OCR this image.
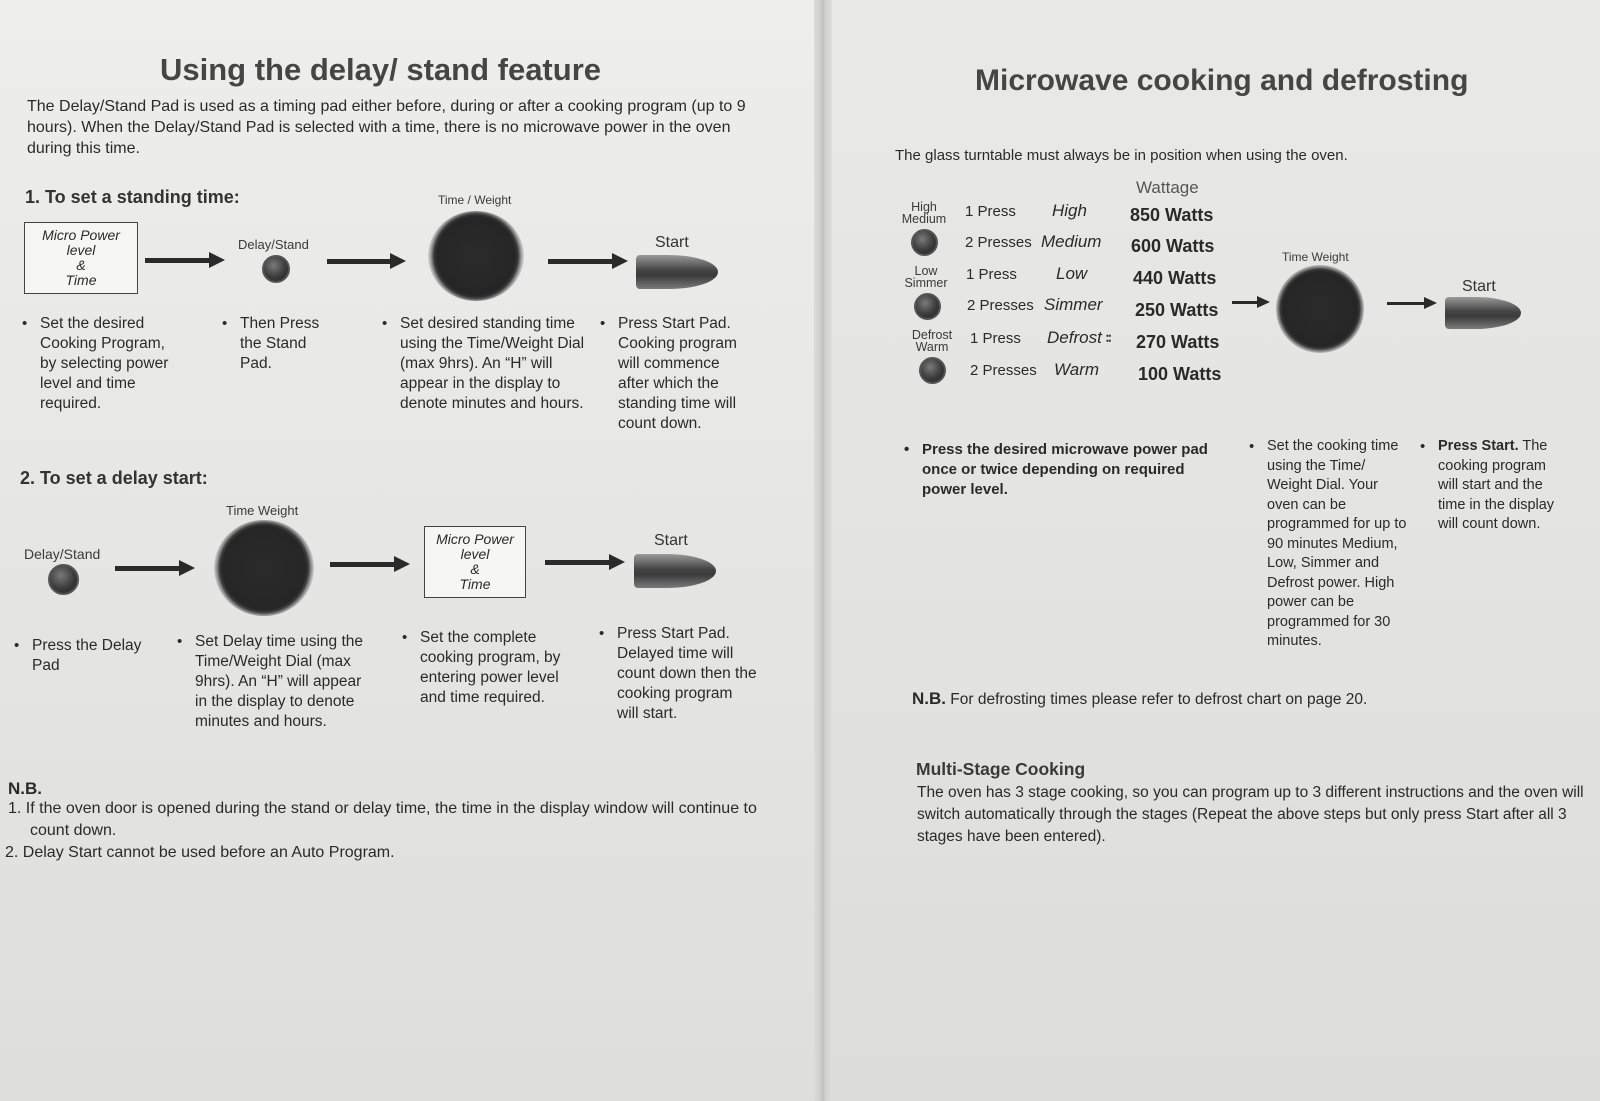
Using the delay/ stand feature
The Delay/Stand Pad is used as a timing pad either before, during or after a cooking program (up to 9 hours). When the Delay/Stand Pad is selected with a time, there is no microwave power in the oven during this time.
1. To set a standing time:
Micro Power
level
&
Time
Delay/Stand
Time / Weight
Start
• Set the desired Cooking Program, by selecting power level and time required.
• Then Press the Stand Pad.
• Set desired standing time using the Time/Weight Dial (max 9hrs). An “H” will appear in the display to denote minutes and hours.
• Press Start Pad. Cooking program will commence after which the standing time will count down.
2. To set a delay start:
Delay/Stand
Time Weight
Micro Power
level
&
Time
Start
• Press the Delay Pad
• Set Delay time using the Time/Weight Dial (max 9hrs). An “H” will appear in the display to denote minutes and hours.
• Set the complete cooking program, by entering power level and time required.
• Press Start Pad. Delayed time will count down then the cooking program will start.
N.B.
1. If the oven door is opened during the stand or delay time, the time in the display window will continue to count down.
2. Delay Start cannot be used before an Auto Program.
Microwave cooking and defrosting
The glass turntable must always be in position when using the oven.
Wattage
High
Medium	1 Press High 850 Watts
2 Presses Medium 600 Watts
Low
Simmer	1 Press Low	440 Watts
2 Presses Simmer 250 Watts
Defrost
Warm	1 Press Defrost ∶∶ 270 Watts
2 Presses Warm 100 Watts
Time Weight
Start
• Press the desired microwave power pad once or twice depending on required power level.
• Set the cooking time using the Time/ Weight Dial. Your oven can be programmed for up to 90 minutes Medium, Low, Simmer and Defrost power. High power can be programmed for 30 minutes.
• Press Start. The cooking program will start and the time in the display will count down.
N.B. For defrosting times please refer to defrost chart on page 20.
Multi-Stage Cooking
The oven has 3 stage cooking, so you can program up to 3 different instructions and the oven will switch automatically through the stages (Repeat the above steps but only press Start after all 3 stages have been entered).
